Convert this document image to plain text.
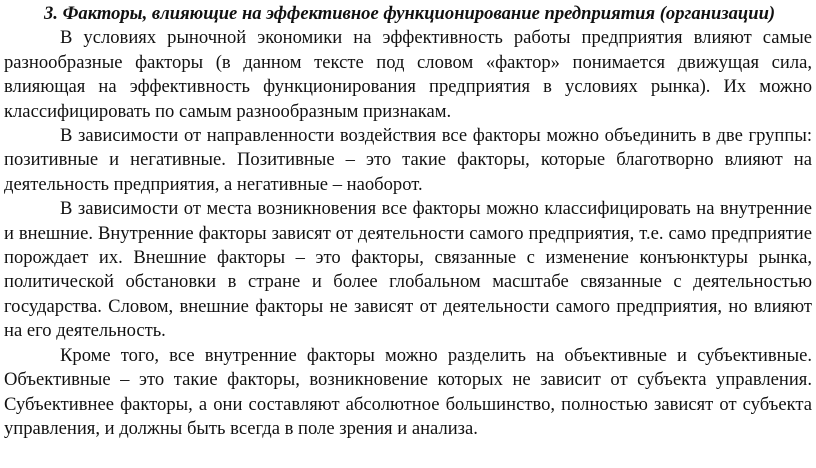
3. Факторы, влияющие на эффективное функционирование предприятия (организации)

В условиях рыночной экономики на эффективность работы предприятия влияют самые разнообразные факторы (в данном тексте под словом «фактор» понимается движущая сила, влияющая на эффективность функционирования предприятия в условиях рынка). Их можно классифицировать по самым разнообразным признакам.

В зависимости от направленности воздействия все факторы можно объединить в две группы: позитивные и негативные. Позитивные – это такие факторы, которые благотворно влияют на деятельность предприятия, а негативные – наоборот.

В зависимости от места возникновения все факторы можно классифицировать на внутренние и внешние. Внутренние факторы зависят от деятельности самого предприятия, т.е. само предприятие порождает их. Внешние факторы – это факторы, связанные с изменение конъюнктуры рынка, политической обстановки в стране и более глобальном масштабе связанные с деятельностью государства. Словом, внешние факторы не зависят от деятельности самого предприятия, но влияют на его деятельность.

Кроме того, все внутренние факторы можно разделить на объективные и субъективные. Объективные – это такие факторы, возникновение которых не зависит от субъекта управления. Субъективнее факторы, а они составляют абсолютное большинство, полностью зависят от субъекта управления, и должны быть всегда в поле зрения и анализа.
